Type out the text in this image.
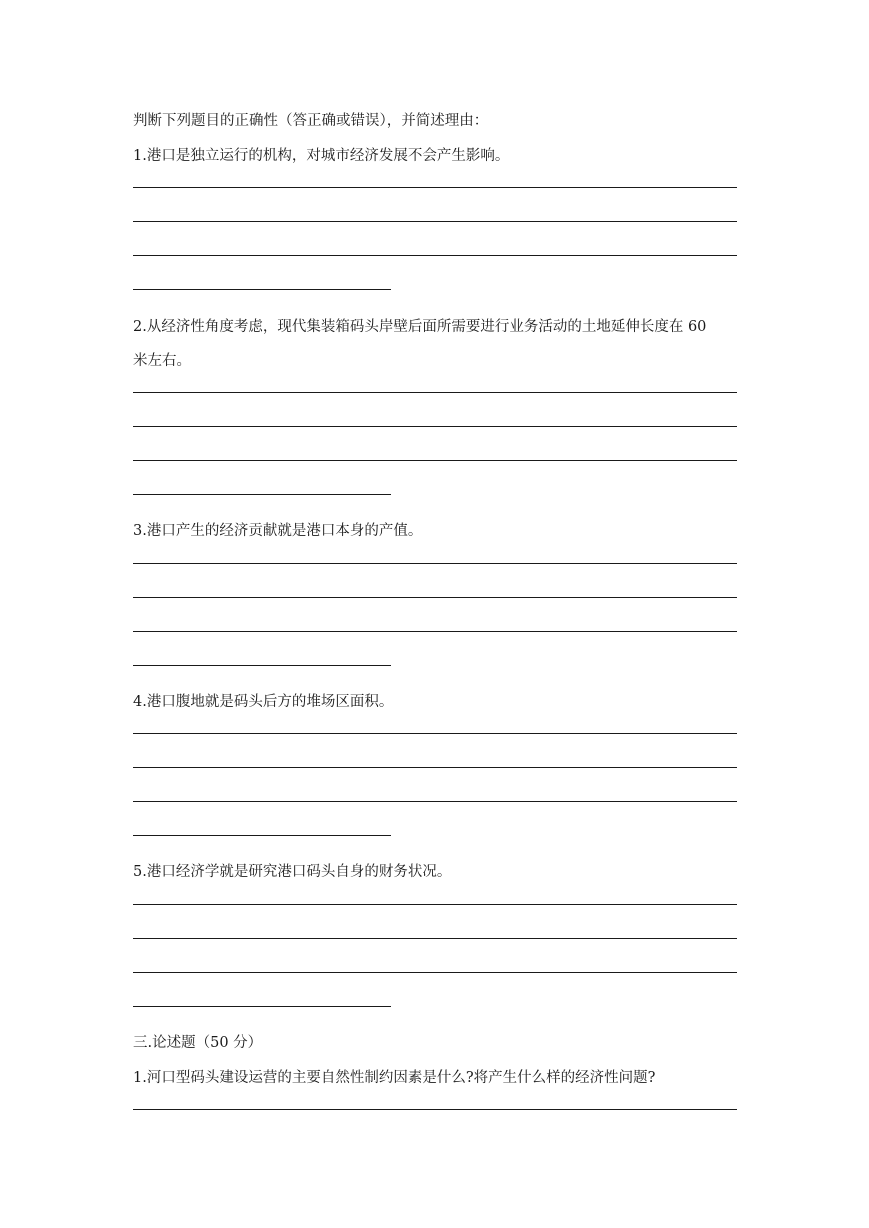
判断下列题目的正确性（答正确或错误），并简述理由：
1.港口是独立运行的机构，对城市经济发展不会产生影响。
2.从经济性角度考虑，现代集装箱码头岸壁后面所需要进行业务活动的土地延伸长度在 60
米左右。
3.港口产生的经济贡献就是港口本身的产值。
4.港口腹地就是码头后方的堆场区面积。
5.港口经济学就是研究港口码头自身的财务状况。
三.论述题（50 分）
1.河口型码头建设运营的主要自然性制约因素是什么?将产生什么样的经济性问题?
